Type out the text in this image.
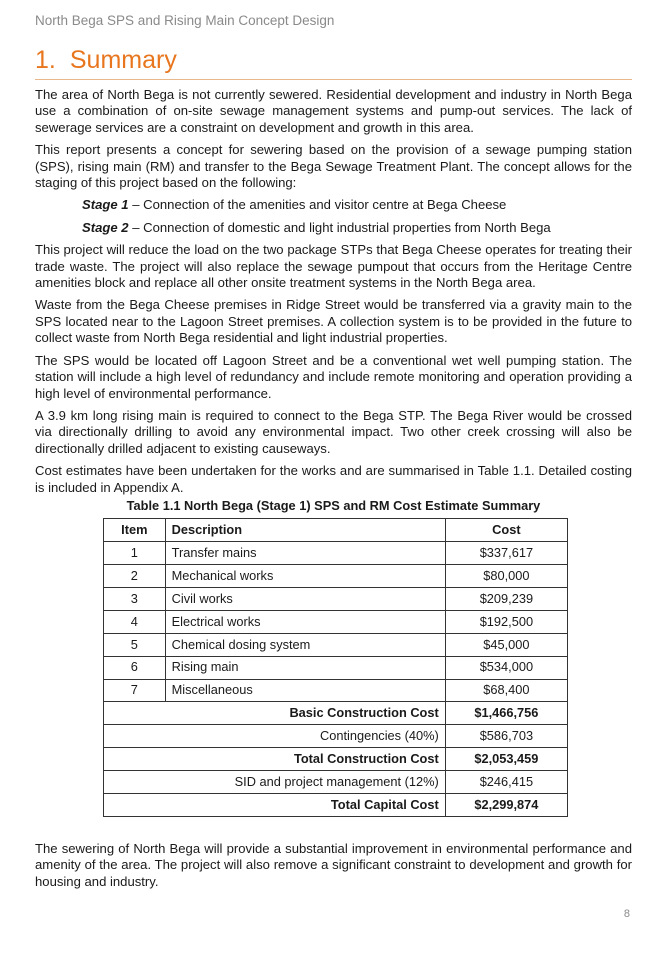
North Bega SPS and Rising Main Concept Design
1. Summary

The area of North Bega is not currently sewered. Residential development and industry in North Bega use a combination of on-site sewage management systems and pump-out services. The lack of sewerage services are a constraint on development and growth in this area.

This report presents a concept for sewering based on the provision of a sewage pumping station (SPS), rising main (RM) and transfer to the Bega Sewage Treatment Plant. The concept allows for the staging of this project based on the following:

Stage 1 – Connection of the amenities and visitor centre at Bega Cheese

Stage 2 – Connection of domestic and light industrial properties from North Bega

This project will reduce the load on the two package STPs that Bega Cheese operates for treating their trade waste. The project will also replace the sewage pumpout that occurs from the Heritage Centre amenities block and replace all other onsite treatment systems in the North Bega area.

Waste from the Bega Cheese premises in Ridge Street would be transferred via a gravity main to the SPS located near to the Lagoon Street premises. A collection system is to be provided in the future to collect waste from North Bega residential and light industrial properties.

The SPS would be located off Lagoon Street and be a conventional wet well pumping station. The station will include a high level of redundancy and include remote monitoring and operation providing a high level of environmental performance.

A 3.9 km long rising main is required to connect to the Bega STP. The Bega River would be crossed via directionally drilling to avoid any environmental impact. Two other creek crossing will also be directionally drilled adjacent to existing causeways.

Cost estimates have been undertaken for the works and are summarised in Table 1.1. Detailed costing is included in Appendix A.

Table 1.1 North Bega (Stage 1) SPS and RM Cost Estimate Summary
Item	Description	Cost
1	Transfer mains	$337,617
2	Mechanical works	$80,000
3	Civil works	$209,239
4	Electrical works	$192,500
5	Chemical dosing system	$45,000
6	Rising main	$534,000
7	Miscellaneous	$68,400
Basic Construction Cost		$1,466,756
Contingencies (40%)		$586,703
Total Construction Cost		$2,053,459
SID and project management (12%)		$246,415
Total Capital Cost		$2,299,874

The sewering of North Bega will provide a substantial improvement in environmental performance and amenity of the area. The project will also remove a significant constraint to development and growth for housing and industry.

8
